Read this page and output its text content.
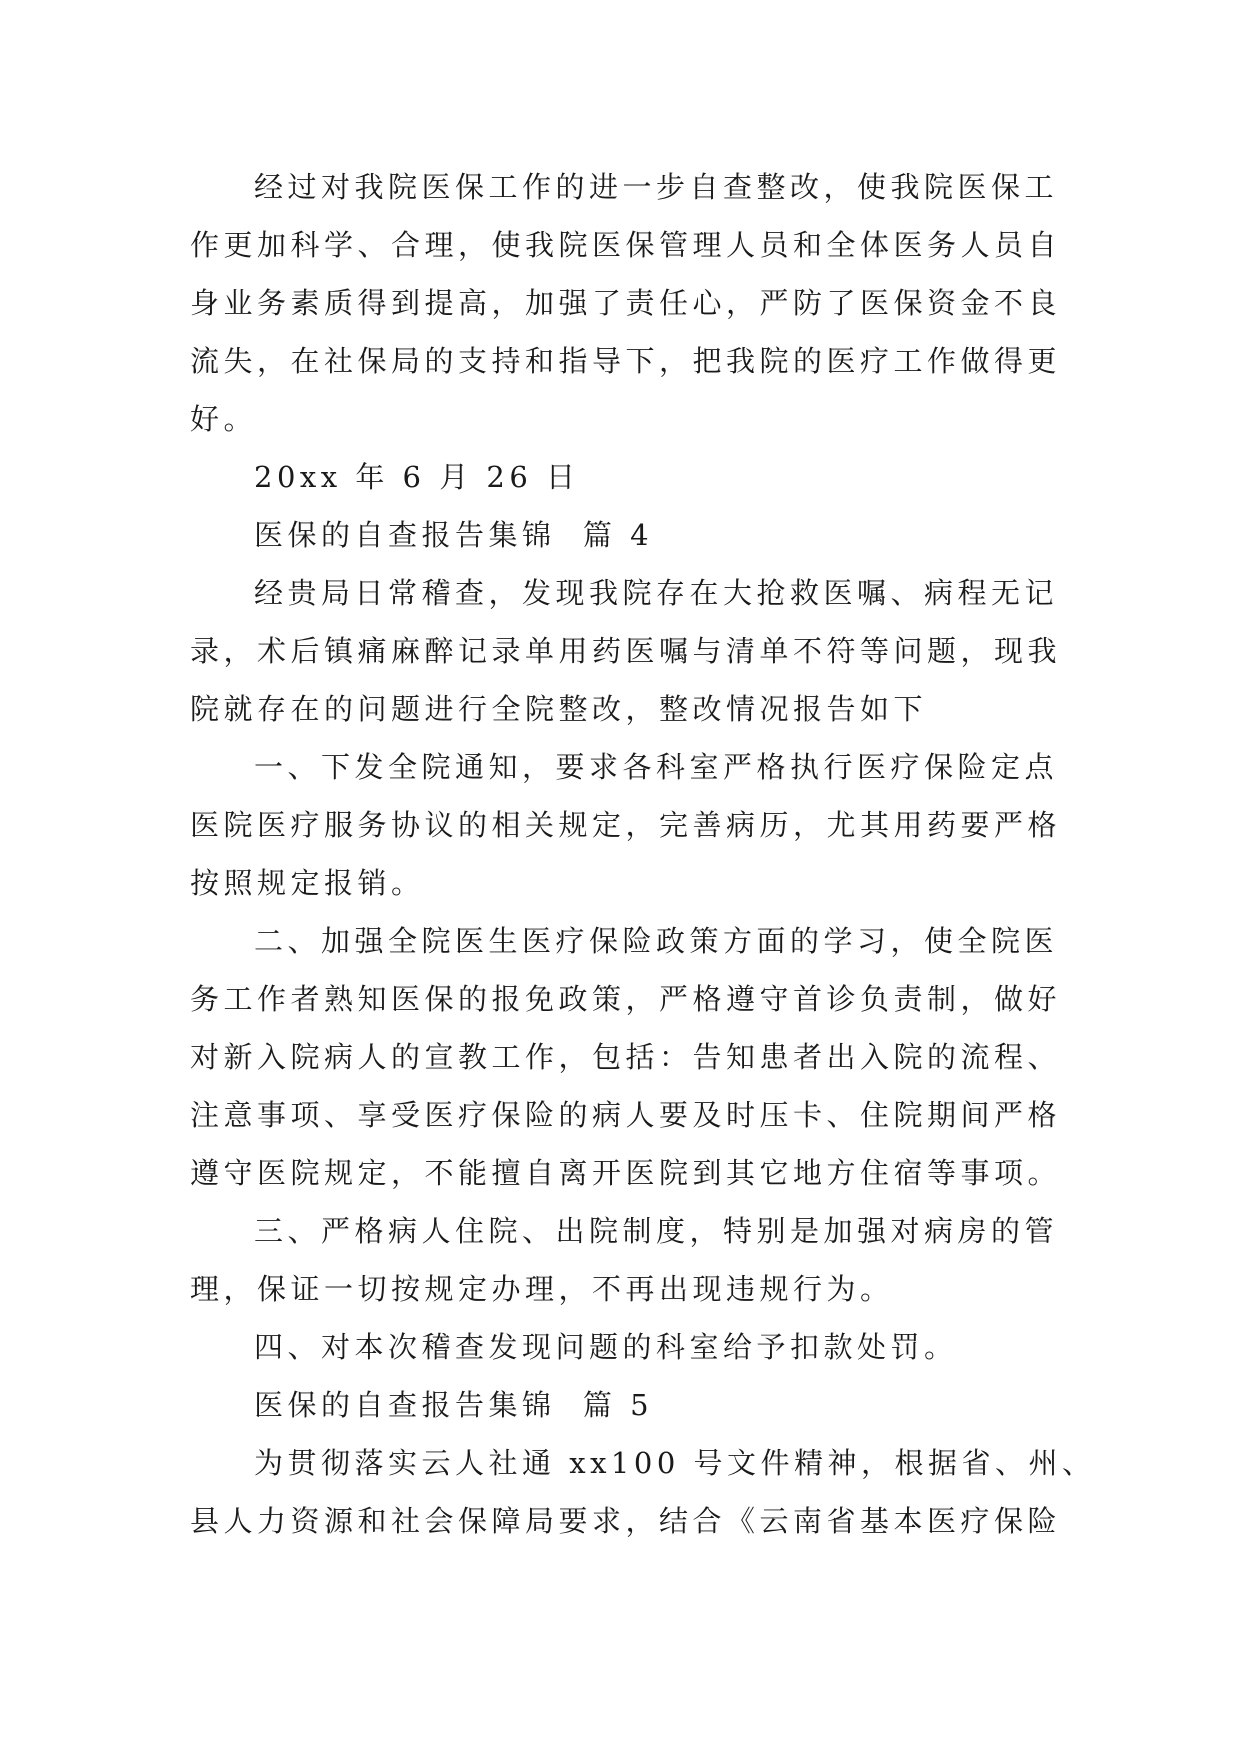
经过对我院医保工作的进一步自查整改，使我院医保工
作更加科学、合理，使我院医保管理人员和全体医务人员自
身业务素质得到提高，加强了责任心，严防了医保资金不良
流失，在社保局的支持和指导下，把我院的医疗工作做得更
好。
20xx 年 6 月 26 日
医保的自查报告集锦  篇 4
经贵局日常稽查，发现我院存在大抢救医嘱、病程无记
录，术后镇痛麻醉记录单用药医嘱与清单不符等问题，现我
院就存在的问题进行全院整改，整改情况报告如下
一、下发全院通知，要求各科室严格执行医疗保险定点
医院医疗服务协议的相关规定，完善病历，尤其用药要严格
按照规定报销。
二、加强全院医生医疗保险政策方面的学习，使全院医
务工作者熟知医保的报免政策，严格遵守首诊负责制，做好
对新入院病人的宣教工作，包括：告知患者出入院的流程、
注意事项、享受医疗保险的病人要及时压卡、住院期间严格
遵守医院规定，不能擅自离开医院到其它地方住宿等事项。
三、严格病人住院、出院制度，特别是加强对病房的管
理，保证一切按规定办理，不再出现违规行为。
四、对本次稽查发现问题的科室给予扣款处罚。
医保的自查报告集锦  篇 5
为贯彻落实云人社通 xx100 号文件精神，根据省、州、
县人力资源和社会保障局要求，结合《云南省基本医疗保险
